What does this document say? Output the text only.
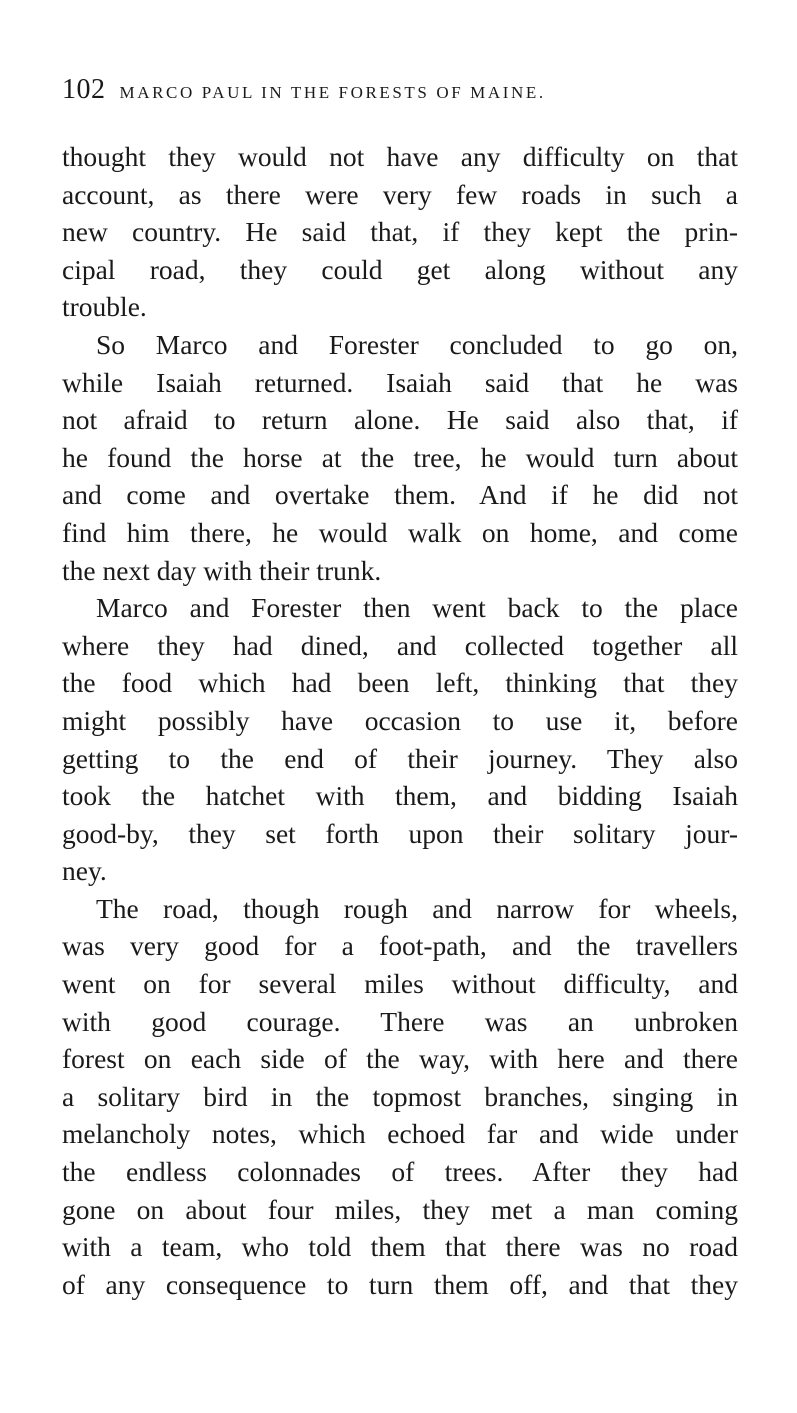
102 MARCO PAUL IN THE FORESTS OF MAINE.
thought they would not have any difficulty on that
account, as there were very few roads in such a
new country. He said that, if they kept the prin-
cipal road, they could get along without any
trouble.
So Marco and Forester concluded to go on,
while Isaiah returned. Isaiah said that he was
not afraid to return alone. He said also that, if
he found the horse at the tree, he would turn about
and come and overtake them. And if he did not
find him there, he would walk on home, and come
the next day with their trunk.
Marco and Forester then went back to the place
where they had dined, and collected together all
the food which had been left, thinking that they
might possibly have occasion to use it, before
getting to the end of their journey. They also
took the hatchet with them, and bidding Isaiah
good-by, they set forth upon their solitary jour-
ney.
The road, though rough and narrow for wheels,
was very good for a foot-path, and the travellers
went on for several miles without difficulty, and
with good courage. There was an unbroken
forest on each side of the way, with here and there
a solitary bird in the topmost branches, singing in
melancholy notes, which echoed far and wide under
the endless colonnades of trees. After they had
gone on about four miles, they met a man coming
with a team, who told them that there was no road
of any consequence to turn them off, and that they
